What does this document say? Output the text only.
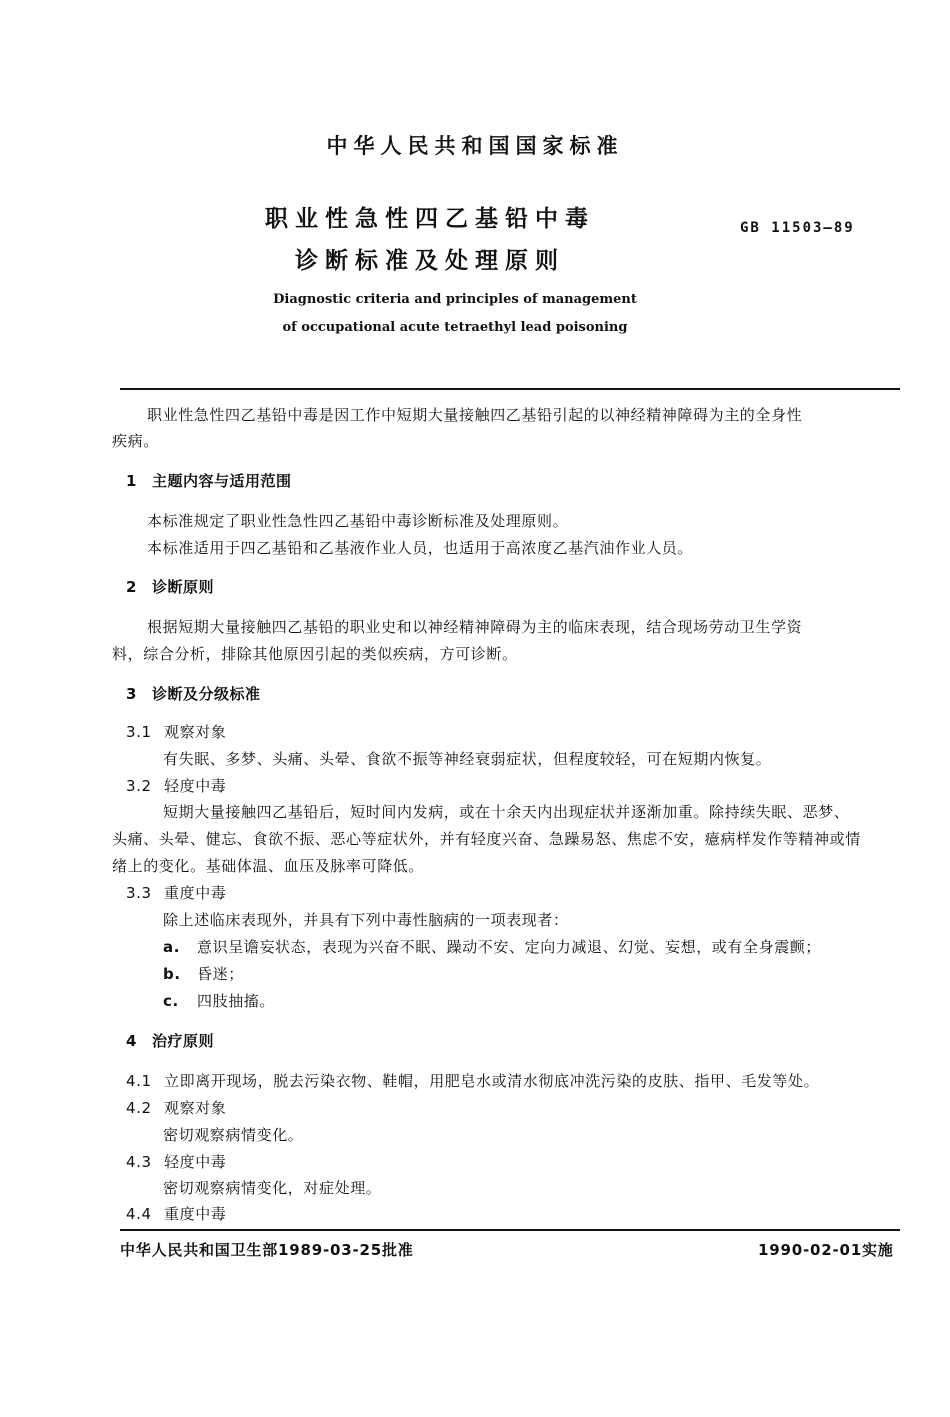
中华人民共和国国家标准
职业性急性四乙基铅中毒
诊断标准及处理原则
GB 11503—89
Diagnostic criteria and principles of management
of occupational acute tetraethyl lead poisoning
职业性急性四乙基铅中毒是因工作中短期大量接触四乙基铅引起的以神经精神障碍为主的全身性
疾病。
1 主题内容与适用范围
本标准规定了职业性急性四乙基铅中毒诊断标准及处理原则。
本标准适用于四乙基铅和乙基液作业人员，也适用于高浓度乙基汽油作业人员。
2 诊断原则
根据短期大量接触四乙基铅的职业史和以神经精神障碍为主的临床表现，结合现场劳动卫生学资
料，综合分析，排除其他原因引起的类似疾病，方可诊断。
3 诊断及分级标准
3.1 观察对象
有失眠、多梦、头痛、头晕、食欲不振等神经衰弱症状，但程度较轻，可在短期内恢复。
3.2 轻度中毒
短期大量接触四乙基铅后，短时间内发病，或在十余天内出现症状并逐渐加重。除持续失眠、恶梦、
头痛、头晕、健忘、食欲不振、恶心等症状外，并有轻度兴奋、急躁易怒、焦虑不安，癔病样发作等精神或情
绪上的变化。基础体温、血压及脉率可降低。
3.3 重度中毒
除上述临床表现外，并具有下列中毒性脑病的一项表现者：
a. 意识呈谵妄状态，表现为兴奋不眠、躁动不安、定向力减退、幻觉、妄想，或有全身震颤；
b. 昏迷；
c. 四肢抽搐。
4 治疗原则
4.1 立即离开现场，脱去污染衣物、鞋帽，用肥皂水或清水彻底冲洗污染的皮肤、指甲、毛发等处。
4.2 观察对象
密切观察病情变化。
4.3 轻度中毒
密切观察病情变化，对症处理。
4.4 重度中毒
中华人民共和国卫生部1989-03-25批准	1990-02-01实施
